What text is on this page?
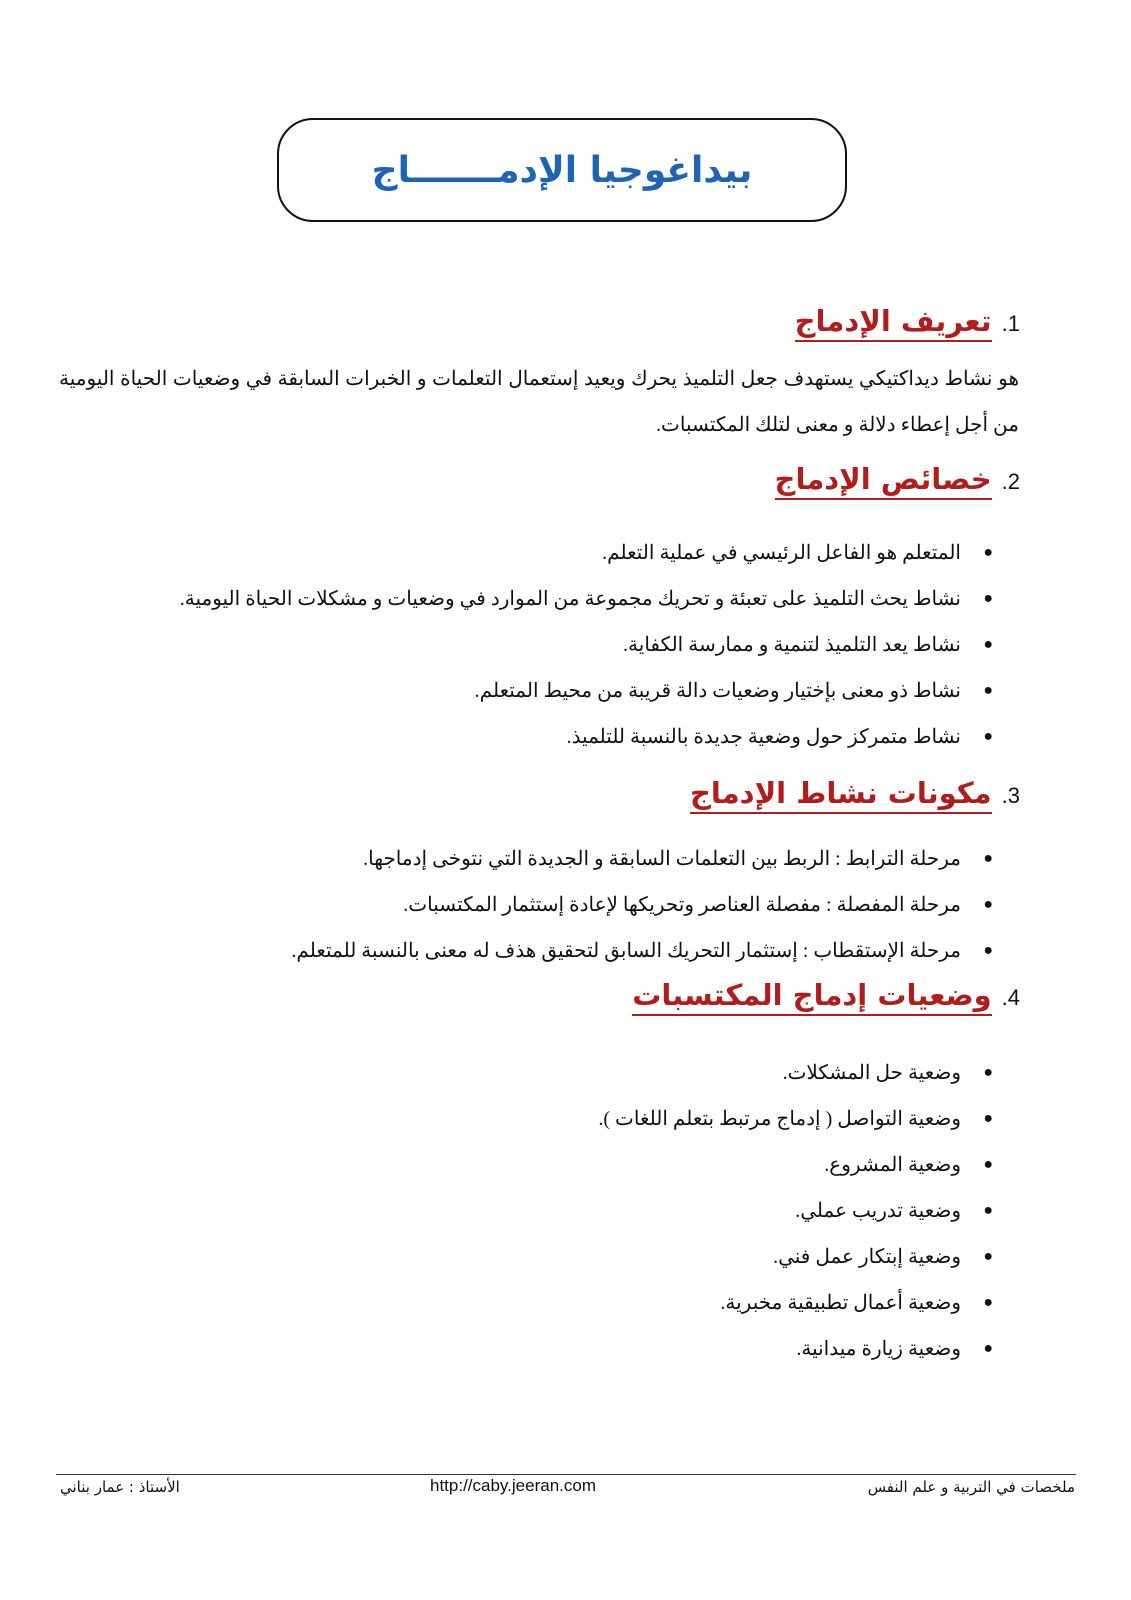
بيداغوجيا الإدمـــــــاج
1.
تعريف الإدماج

هو نشاط ديداكتيكي يستهدف جعل التلميذ يحرك ويعيد إستعمال التعلمات و الخبرات السابقة في وضعيات الحياة اليومية من أجل إعطاء دلالة و معنى لتلك المكتسبات.

2.
خصائص الإدماج
●
المتعلم هو الفاعل الرئيسي في عملية التعلم.
●
نشاط يحث التلميذ على تعبئة و تحريك مجموعة من الموارد في وضعيات و مشكلات الحياة اليومية.
●
نشاط يعد التلميذ لتنمية و ممارسة الكفاية.
●
نشاط ذو معنى بإختيار وضعيات دالة قريبة من محيط المتعلم.
●
نشاط متمركز حول وضعية جديدة بالنسبة للتلميذ.
3.
مكونات نشاط الإدماج
●
مرحلة الترابط : الربط بين التعلمات السابقة و الجديدة التي نتوخى إدماجها.
●
مرحلة المفصلة : مفصلة العناصر وتحريكها لإعادة إستثمار المكتسبات.
●
مرحلة الإستقطاب : إستثمار التحريك السابق لتحقيق هذف له معنى بالنسبة للمتعلم.
4.
وضعيات إدماج المكتسبات
●
وضعية حل المشكلات.
●
وضعية التواصل ( إدماج مرتبط بتعلم اللغات ).
●
وضعية المشروع.
●
وضعية تدريب عملي.
●
وضعية إبتكار عمل فني.
●
وضعية أعمال تطبيقية مخبرية.
●
وضعية زيارة ميدانية.
ملخصات في التربية و علم النفس
http://caby.jeeran.com
الأستاذ : عمار بناني
